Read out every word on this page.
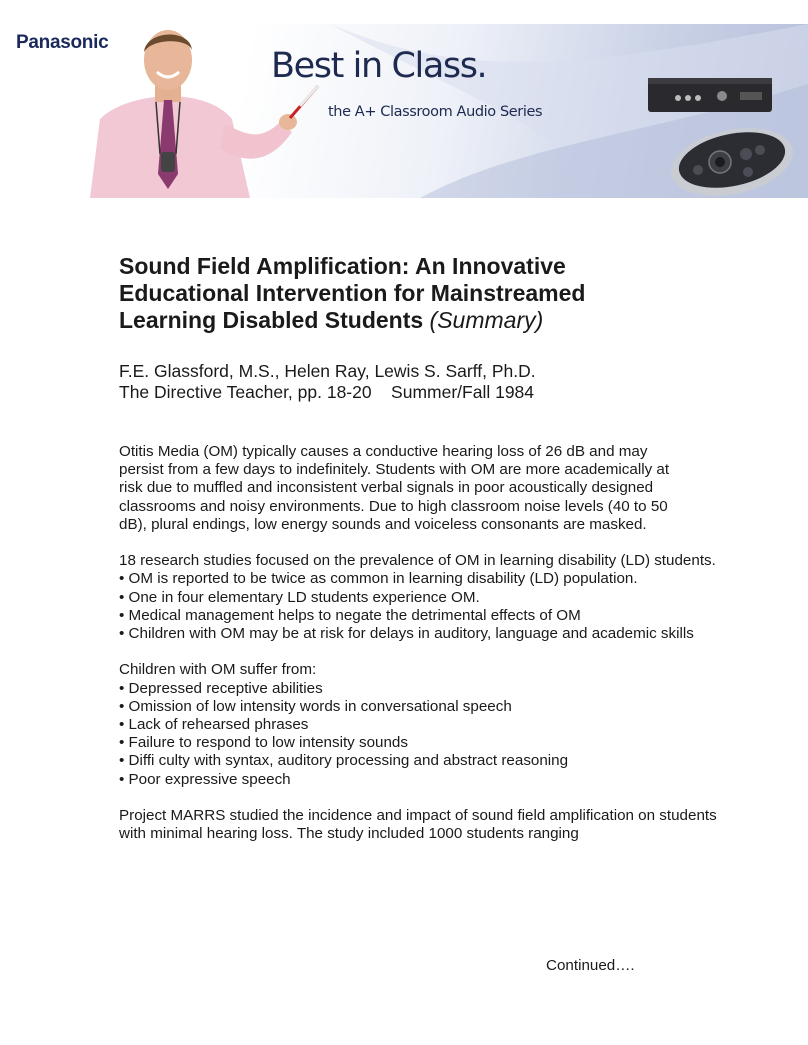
Panasonic
Best in Class.
the A+ Classroom Audio Series
Sound Field Amplification: An Innovative Educational Intervention for Mainstreamed Learning Disabled Students (Summary)
F.E. Glassford, M.S., Helen Ray, Lewis S. Sarff, Ph.D.
The Directive Teacher, pp. 18-20    Summer/Fall 1984
Otitis Media (OM) typically causes a conductive hearing loss of 26 dB and may persist from a few days to indefinitely. Students with OM are more academically at risk due to muffled and inconsistent verbal signals in poor acoustically designed classrooms and noisy environments. Due to high classroom noise levels (40 to 50 dB), plural endings, low energy sounds and voiceless consonants are masked.
18 research studies focused on the prevalence of OM in learning disability (LD) students.
• OM is reported to be twice as common in learning disability (LD) population.
• One in four elementary LD students experience OM.
• Medical management helps to negate the detrimental effects of OM
• Children with OM may be at risk for delays in auditory, language and academic skills
Children with OM suffer from:
• Depressed receptive abilities
• Omission of low intensity words in conversational speech
• Lack of rehearsed phrases
• Failure to respond to low intensity sounds
• Diffi culty with syntax, auditory processing and abstract reasoning
• Poor expressive speech
Project MARRS studied the incidence and impact of sound field amplification on students with minimal hearing loss. The study included 1000 students ranging
Continued….
